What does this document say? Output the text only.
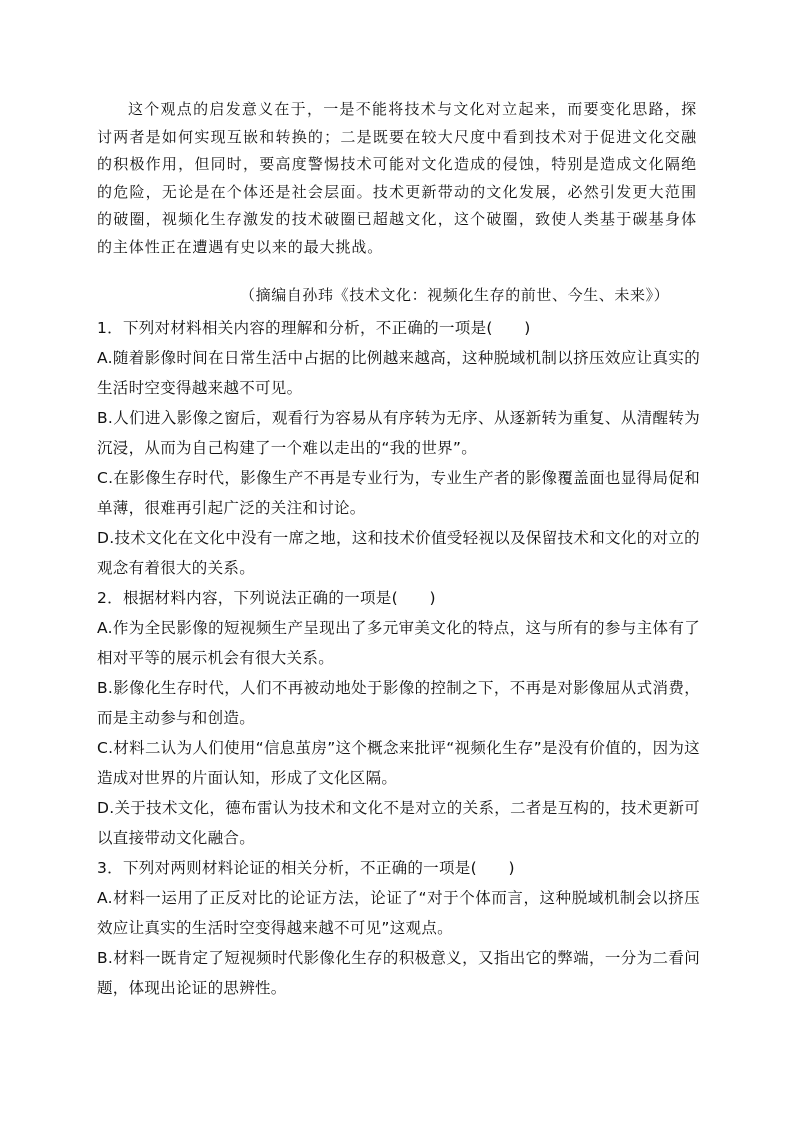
这个观点的启发意义在于，一是不能将技术与文化对立起来，而要变化思路，探讨两者是如何实现互嵌和转换的；二是既要在较大尺度中看到技术对于促进文化交融的积极作用，但同时，要高度警惕技术可能对文化造成的侵蚀，特别是造成文化隔绝的危险，无论是在个体还是社会层面。技术更新带动的文化发展，必然引发更大范围的破圈，视频化生存激发的技术破圈已超越文化，这个破圈，致使人类基于碳基身体的主体性正在遭遇有史以来的最大挑战。

（摘编自孙玮《技术文化：视频化生存的前世、今生、未来》）

1．下列对材料相关内容的理解和分析，不正确的一项是(　　)

A.随着影像时间在日常生活中占据的比例越来越高，这种脱域机制以挤压效应让真实的生活时空变得越来越不可见。

B.人们进入影像之窗后，观看行为容易从有序转为无序、从逐新转为重复、从清醒转为沉浸，从而为自己构建了一个难以走出的“我的世界”。

C.在影像生存时代，影像生产不再是专业行为，专业生产者的影像覆盖面也显得局促和单薄，很难再引起广泛的关注和讨论。

D.技术文化在文化中没有一席之地，这和技术价值受轻视以及保留技术和文化的对立的观念有着很大的关系。

2．根据材料内容，下列说法正确的一项是(　　)

A.作为全民影像的短视频生产呈现出了多元审美文化的特点，这与所有的参与主体有了相对平等的展示机会有很大关系。

B.影像化生存时代，人们不再被动地处于影像的控制之下，不再是对影像屈从式消费，而是主动参与和创造。

C.材料二认为人们使用“信息茧房”这个概念来批评“视频化生存”是没有价值的，因为这造成对世界的片面认知，形成了文化区隔。

D.关于技术文化，德布雷认为技术和文化不是对立的关系，二者是互构的，技术更新可以直接带动文化融合。

3．下列对两则材料论证的相关分析，不正确的一项是(　　)

A.材料一运用了正反对比的论证方法，论证了“对于个体而言，这种脱域机制会以挤压效应让真实的生活时空变得越来越不可见”这观点。

B.材料一既肯定了短视频时代影像化生存的积极意义，又指出它的弊端，一分为二看问题，体现出论证的思辨性。
